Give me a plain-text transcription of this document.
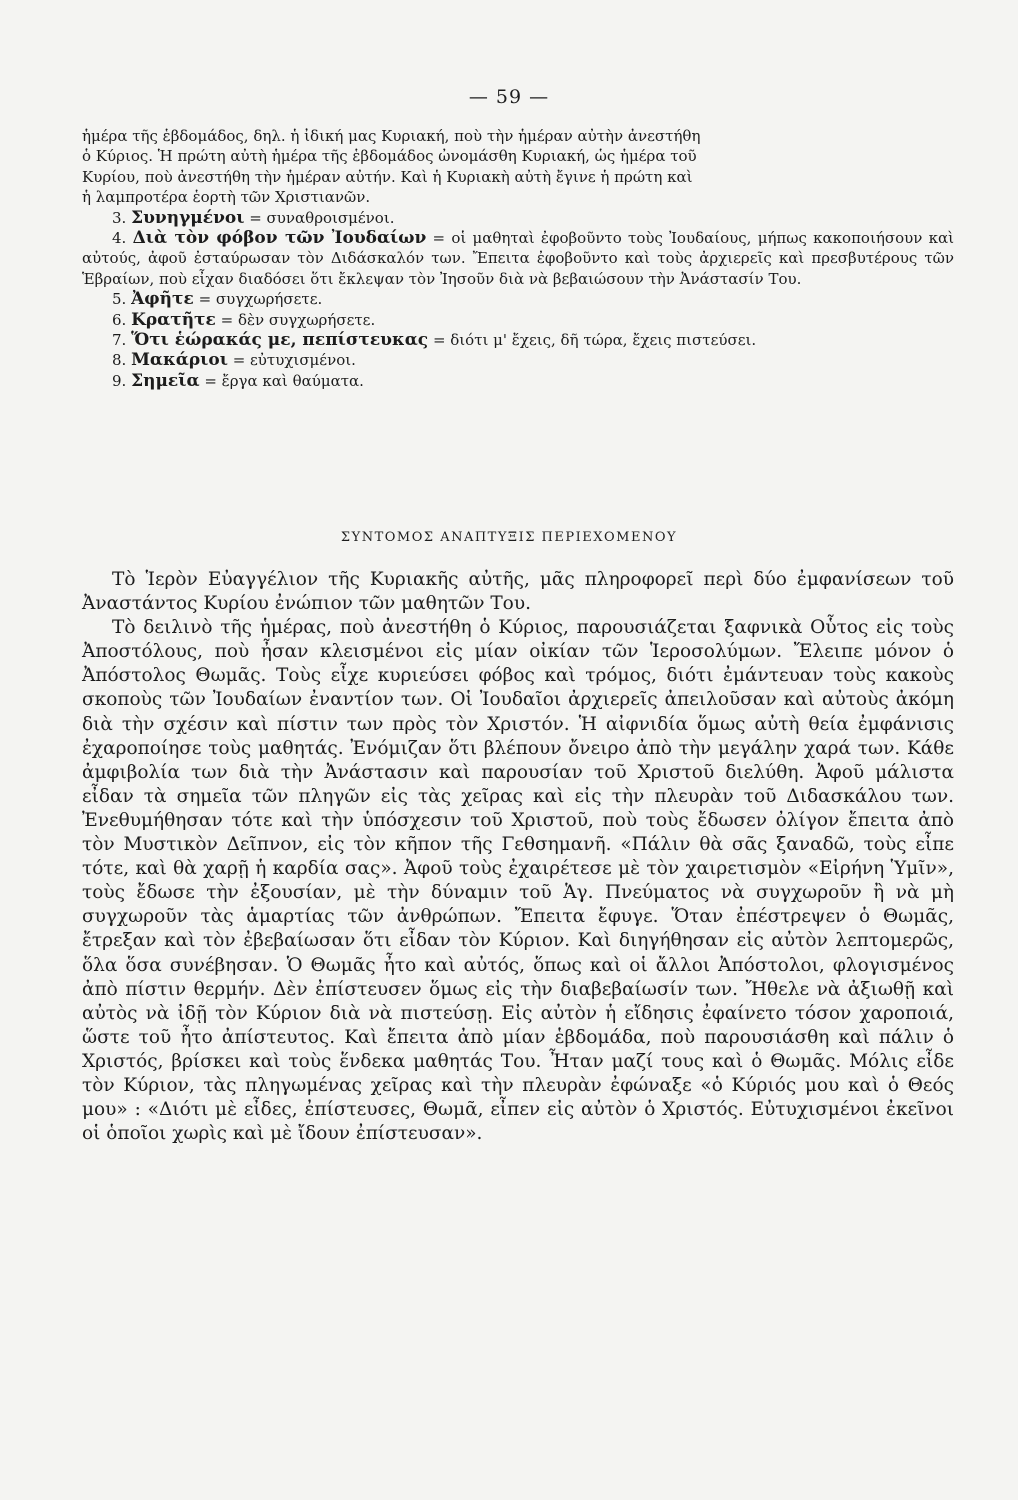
— 59 —

ἡμέρα τῆς ἑβδομάδος, δηλ. ἡ ἰδική μας Κυριακή, ποὺ τὴν ἡμέραν αὐτὴν ἀνεστήθη

ὁ Κύριος. Ἡ πρώτη αὐτὴ ἡμέρα τῆς ἑβδομάδος ὠνομάσθη Κυριακή, ὡς ἡμέρα τοῦ

Κυρίου, ποὺ ἀνεστήθη τὴν ἡμέραν αὐτήν. Καὶ ἡ Κυριακὴ αὐτὴ ἔγινε ἡ πρώτη καὶ

ἡ λαμπροτέρα ἑορτὴ τῶν Χριστιανῶν.

3. Συνηγμένοι = συναθροισμένοι.

4. Διὰ τὸν φόβον τῶν Ἰουδαίων = οἱ μαθηταὶ ἐφοβοῦντο τοὺς Ἰουδαίους, μήπως κακοποιήσουν καὶ αὐτούς, ἀφοῦ ἐσταύρωσαν τὸν Διδάσκαλόν των. Ἔπειτα ἐφοβοῦντο καὶ τοὺς ἀρχιερεῖς καὶ πρεσβυτέρους τῶν Ἑβραίων, ποὺ εἶχαν διαδόσει ὅτι ἔκλεψαν τὸν Ἰησοῦν διὰ νὰ βεβαιώσουν τὴν Ἀνάστασίν Του.

5. Ἀφῆτε = συγχωρήσετε.

6. Κρατῆτε = δὲν συγχωρήσετε.

7. Ὅτι ἑώρακάς με, πεπίστευκας = διότι μ' ἔχεις, δῆ τώρα, ἔχεις πιστεύσει.

8. Μακάριοι = εὐτυχισμένοι.

9. Σημεῖα = ἔργα καὶ θαύματα.

ΣΥΝΤΟΜΟΣ ΑΝΑΠΤΥΞΙΣ ΠΕΡΙΕΧΟΜΕΝΟΥ

Τὸ Ἱερὸν Εὐαγγέλιον τῆς Κυριακῆς αὐτῆς, μᾶς πληροφορεῖ περὶ δύο ἐμφανίσεων τοῦ Ἀναστάντος Κυρίου ἐνώπιον τῶν μαθητῶν Του.

Τὸ δειλινὸ τῆς ἡμέρας, ποὺ ἀνεστήθη ὁ Κύριος, παρουσιάζεται ξαφνικὰ Οὗτος εἰς τοὺς Ἀποστόλους, ποὺ ἦσαν κλεισμένοι εἰς μίαν οἰκίαν τῶν Ἱεροσολύμων. Ἔλειπε μόνον ὁ Ἀπόστολος Θωμᾶς. Τοὺς εἶχε κυριεύσει φόβος καὶ τρόμος, διότι ἐμάντευαν τοὺς κακοὺς σκοποὺς τῶν Ἰουδαίων ἐναντίον των. Οἱ Ἰουδαῖοι ἀρχιερεῖς ἀπειλοῦσαν καὶ αὐτοὺς ἀκόμη διὰ τὴν σχέσιν καὶ πίστιν των πρὸς τὸν Χριστόν. Ἡ αἰφνιδία ὅμως αὐτὴ θεία ἐμφάνισις ἐχαροποίησε τοὺς μαθητάς. Ἐνόμιζαν ὅτι βλέπουν ὄνειρο ἀπὸ τὴν μεγάλην χαρά των. Κάθε ἀμφιβολία των διὰ τὴν Ἀνάστασιν καὶ παρουσίαν τοῦ Χριστοῦ διελύθη. Ἀφοῦ μάλιστα εἶδαν τὰ σημεῖα τῶν πληγῶν εἰς τὰς χεῖρας καὶ εἰς τὴν πλευρὰν τοῦ Διδασκάλου των. Ἐνεθυμήθησαν τότε καὶ τὴν ὑπόσχεσιν τοῦ Χριστοῦ, ποὺ τοὺς ἔδωσεν ὀλίγον ἔπειτα ἀπὸ τὸν Μυστικὸν Δεῖπνον, εἰς τὸν κῆπον τῆς Γεθσημανῆ. «Πάλιν θὰ σᾶς ξαναδῶ, τοὺς εἶπε τότε, καὶ θὰ χαρῇ ἡ καρδία σας». Ἀφοῦ τοὺς ἐχαιρέτεσε μὲ τὸν χαιρετισμὸν «Εἰρήνη Ὑμῖν», τοὺς ἔδωσε τὴν ἐξουσίαν, μὲ τὴν δύναμιν τοῦ Ἁγ. Πνεύματος νὰ συγχωροῦν ἢ νὰ μὴ συγχωροῦν τὰς ἁμαρτίας τῶν ἀνθρώπων. Ἔπειτα ἔφυγε. Ὅταν ἐπέστρεψεν ὁ Θωμᾶς, ἔτρεξαν καὶ τὸν ἐβεβαίωσαν ὅτι εἶδαν τὸν Κύριον. Καὶ διηγήθησαν εἰς αὐτὸν λεπτομερῶς, ὅλα ὅσα συνέβησαν. Ὁ Θωμᾶς ἦτο καὶ αὐτός, ὅπως καὶ οἱ ἄλλοι Ἀπόστολοι, φλογισμένος ἀπὸ πίστιν θερμήν. Δὲν ἐπίστευσεν ὅμως εἰς τὴν διαβεβαίωσίν των. Ἤθελε νὰ ἀξιωθῇ καὶ αὐτὸς νὰ ἰδῇ τὸν Κύριον διὰ νὰ πιστεύσῃ. Εἰς αὐτὸν ἡ εἴδησις ἐφαίνετο τόσον χαροποιά, ὥστε τοῦ ἦτο ἀπίστευτος. Καὶ ἔπειτα ἀπὸ μίαν ἑβδομάδα, ποὺ παρουσιάσθη καὶ πάλιν ὁ Χριστός, βρίσκει καὶ τοὺς ἕνδεκα μαθητάς Του. Ἦταν μαζί τους καὶ ὁ Θωμᾶς. Μόλις εἶδε τὸν Κύριον, τὰς πληγωμένας χεῖρας καὶ τὴν πλευρὰν ἐφώναξε «ὁ Κύριός μου καὶ ὁ Θεός μου» : «Διότι μὲ εἶδες, ἐπίστευσες, Θωμᾶ, εἶπεν εἰς αὐτὸν ὁ Χριστός. Εὐτυχισμένοι ἐκεῖνοι οἱ ὁποῖοι χωρὶς καὶ μὲ ἴδουν ἐπίστευσαν».
